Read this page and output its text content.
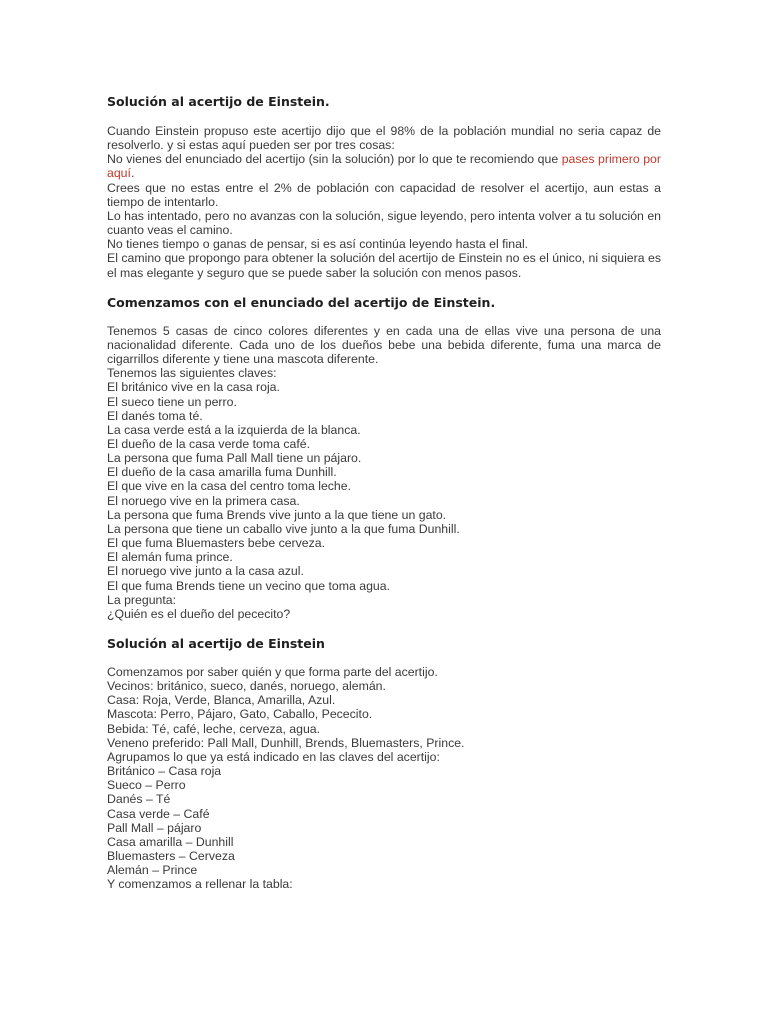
Solución al acertijo de Einstein.

Cuando Einstein propuso este acertijo dijo que el 98% de la población mundial no seria capaz de resolverlo. y si estas aquí pueden ser por tres cosas:

No vienes del enunciado del acertijo (sin la solución) por lo que te recomiendo que pases primero por aquí.

Crees que no estas entre el 2% de población con capacidad de resolver el acertijo, aun estas a tiempo de intentarlo.

Lo has intentado, pero no avanzas con la solución, sigue leyendo, pero intenta volver a tu solución en cuanto veas el camino.

No tienes tiempo o ganas de pensar, si es así continúa leyendo hasta el final.

El camino que propongo para obtener la solución del acertijo de Einstein no es el único, ni siquiera es el mas elegante y seguro que se puede saber la solución con menos pasos.

Comenzamos con el enunciado del acertijo de Einstein.

Tenemos 5 casas de cinco colores diferentes y en cada una de ellas vive una persona de una nacionalidad diferente. Cada uno de los dueños bebe una bebida diferente, fuma una marca de cigarrillos diferente y tiene una mascota diferente.

Tenemos las siguientes claves:

El británico vive en la casa roja.

El sueco tiene un perro.

El danés toma té.

La casa verde está a la izquierda de la blanca.

El dueño de la casa verde toma café.

La persona que fuma Pall Mall tiene un pájaro.

El dueño de la casa amarilla fuma Dunhill.

El que vive en la casa del centro toma leche.

El noruego vive en la primera casa.

La persona que fuma Brends vive junto a la que tiene un gato.

La persona que tiene un caballo vive junto a la que fuma Dunhill.

El que fuma Bluemasters bebe cerveza.

El alemán fuma prince.

El noruego vive junto a la casa azul.

El que fuma Brends tiene un vecino que toma agua.

La pregunta:

¿Quién es el dueño del pececito?

Solución al acertijo de Einstein

Comenzamos por saber quién y que forma parte del acertijo.

Vecinos: británico, sueco, danés, noruego, alemán.

Casa: Roja, Verde, Blanca, Amarilla, Azul.

Mascota: Perro, Pájaro, Gato, Caballo, Pececito.

Bebida: Té, café, leche, cerveza, agua.

Veneno preferido: Pall Mall, Dunhill, Brends, Bluemasters, Prince.

Agrupamos lo que ya está indicado en las claves del acertijo:

Británico – Casa roja

Sueco – Perro

Danés – Té

Casa verde – Café

Pall Mall – pájaro

Casa amarilla – Dunhill

Bluemasters – Cerveza

Alemán – Prince

Y comenzamos a rellenar la tabla:
